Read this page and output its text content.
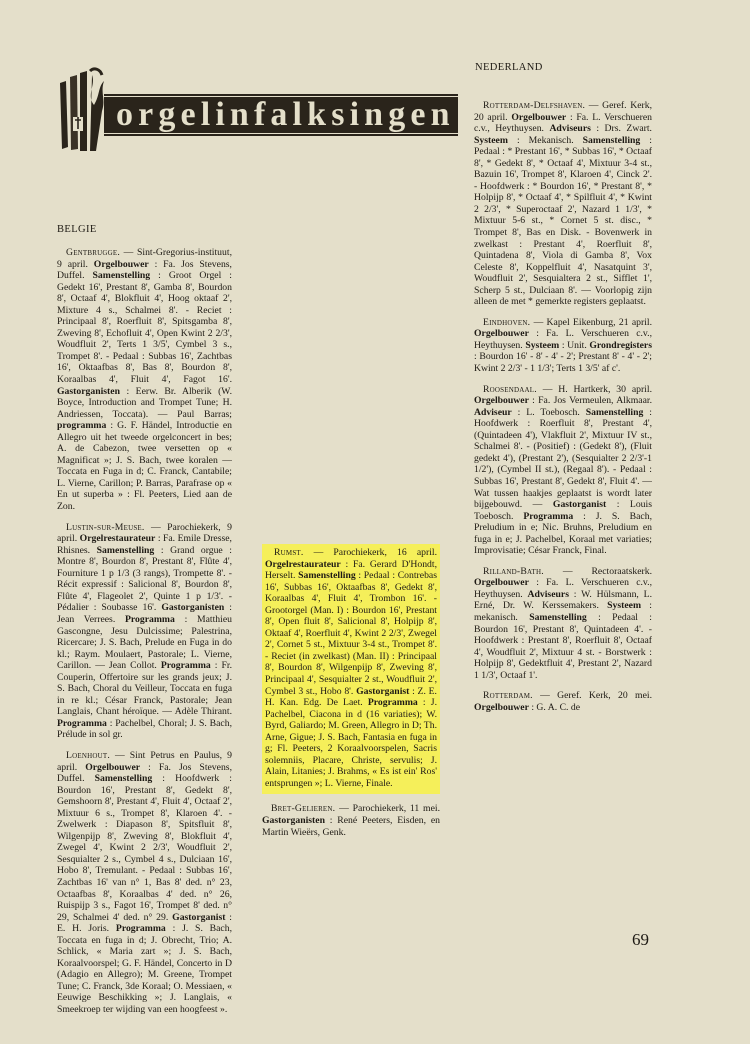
NEDERLAND
orgelinfalksingen
BELGIE

Gentbrugge. — Sint-Gregorius-instituut, 9 april. Orgelbouwer : Fa. Jos Stevens, Duffel. Samenstelling : Groot Orgel : Gedekt 16', Prestant 8', Gamba 8', Bourdon 8', Octaaf 4', Blokfluit 4', Hoog oktaaf 2', Mixture 4 s., Schalmei 8'. - Reciet : Principaal 8', Roerfluit 8', Spitsgamba 8', Zweving 8', Echofluit 4', Open Kwint 2 2/3', Woudfluit 2', Terts 1 3/5', Cymbel 3 s., Trompet 8'. - Pedaal : Subbas 16', Zachtbas 16', Oktaafbas 8', Bas 8', Bourdon 8', Koraalbas 4', Fluit 4', Fagot 16'. Gastorganisten : Eerw. Br. Alberik (W. Boyce, Introduction and Trompet Tune; H. Andriessen, Toccata). — Paul Barras; programma : G. F. Händel, Introductie en Allegro uit het tweede orgelconcert in bes; A. de Cabezon, twee versetten op « Magnificat »; J. S. Bach, twee koralen — Toccata en Fuga in d; C. Franck, Cantabile; L. Vierne, Carillon; P. Barras, Parafrase op « En ut superba » : Fl. Peeters, Lied aan de Zon.

Lustin-sur-Meuse. — Parochiekerk, 9 april. Orgelrestaurateur : Fa. Emile Dresse, Rhisnes. Samenstelling : Grand orgue : Montre 8', Bourdon 8', Prestant 8', Flûte 4', Fourniture 1 p 1/3 (3 rangs), Trompette 8'. - Récit expressif : Salicional 8', Bourdon 8', Flûte 4', Flageolet 2', Quinte 1 p 1/3'. - Pédalier : Soubasse 16'. Gastorganisten : Jean Verrees. Programma : Matthieu Gascongne, Jesu Dulcissime; Palestrina, Ricercare; J. S. Bach, Prelude en Fuga in do kl.; Raym. Moulaert, Pastorale; L. Vierne, Carillon. — Jean Collot. Programma : Fr. Couperin, Offertoire sur les grands jeux; J. S. Bach, Choral du Veilleur, Toccata en fuga in re kl.; César Franck, Pastorale; Jean Langlais, Chant héroïque. — Adèle Thirant. Programma : Pachelbel, Choral; J. S. Bach, Prélude in sol gr.

Loenhout. — Sint Petrus en Paulus, 9 april. Orgelbouwer : Fa. Jos Stevens, Duffel. Samenstelling : Hoofdwerk : Bourdon 16', Prestant 8', Gedekt 8', Gemshoorn 8', Prestant 4', Fluit 4', Octaaf 2', Mixtuur 6 s., Trompet 8', Klaroen 4'. - Zwelwerk : Diapason 8', Spitsfluit 8', Wilgenpijp 8', Zweving 8', Blokfluit 4', Zwegel 4', Kwint 2 2/3', Woudfluit 2', Sesquialter 2 s., Cymbel 4 s., Dulciaan 16', Hobo 8', Tremulant. - Pedaal : Subbas 16', Zachtbas 16' van n° 1, Bas 8' ded. n° 23, Octaafbas 8', Koraalbas 4' ded. n° 26, Ruispijp 3 s., Fagot 16', Trompet 8' ded. n° 29, Schalmei 4' ded. n° 29. Gastorganist : E. H. Joris. Programma : J. S. Bach, Toccata en fuga in d; J. Obrecht, Trio; A. Schlick, « Maria zart »; J. S. Bach, Koraalvoorspel; G. F. Händel, Concerto in D (Adagio en Allegro); M. Greene, Trompet Tune; C. Franck, 3de Koraal; O. Messiaen, « Eeuwige Beschikking »; J. Langlais, « Smeekroep ter wijding van een hoogfeest ».

Rumst. — Parochiekerk, 16 april. Orgelrestaurateur : Fa. Gerard D'Hondt, Herselt. Samenstelling : Pedaal : Contrebas 16', Subbas 16', Oktaafbas 8', Gedekt 8', Koraalbas 4', Fluit 4', Trombon 16'. - Grootorgel (Man. I) : Bourdon 16', Prestant 8', Open fluit 8', Salicional 8', Holpijp 8', Oktaaf 4', Roerfluit 4', Kwint 2 2/3', Zwegel 2', Cornet 5 st., Mixtuur 3-4 st., Trompet 8'. - Reciet (in zwelkast) (Man. II) : Principaal 8', Bourdon 8', Wilgenpijp 8', Zweving 8', Principaal 4', Sesquialter 2 st., Woudfluit 2', Cymbel 3 st., Hobo 8'. Gastorganist : Z. E. H. Kan. Edg. De Laet. Programma : J. Pachelbel, Ciacona in d (16 variaties); W. Byrd, Galiardo; M. Green, Allegro in D; Th. Arne, Gigue; J. S. Bach, Fantasia en fuga in g; Fl. Peeters, 2 Koraalvoorspelen, Sacris solemniis, Placare, Christe, servulis; J. Alain, Litanies; J. Brahms, « Es ist ein' Ros' entsprungen »; L. Vierne, Finale.

Bret-Gelieren. — Parochiekerk, 11 mei. Gastorganisten : René Peeters, Eisden, en Martin Wieërs, Genk.

Rotterdam-Delfshaven. — Geref. Kerk, 20 april. Orgelbouwer : Fa. L. Verschueren c.v., Heythuysen. Adviseurs : Drs. Zwart. Systeem : Mekanisch. Samenstelling : Pedaal : * Prestant 16', * Subbas 16', * Octaaf 8', * Gedekt 8', * Octaaf 4', Mixtuur 3-4 st., Bazuin 16', Trompet 8', Klaroen 4', Cinck 2'. - Hoofdwerk : * Bourdon 16', * Prestant 8', * Holpijp 8', * Octaaf 4', * Spilfluit 4', * Kwint 2 2/3', * Superoctaaf 2', Nazard 1 1/3', * Mixtuur 5-6 st., * Cornet 5 st. disc., * Trompet 8', Bas en Disk. - Bovenwerk in zwelkast : Prestant 4', Roerfluit 8', Quintadena 8', Viola di Gamba 8', Vox Celeste 8', Koppelfluit 4', Nasatquint 3', Woudfluit 2', Sesquialtera 2 st., Sifflet 1', Scherp 5 st., Dulciaan 8'. — Voorlopig zijn alleen de met * gemerkte registers geplaatst.

Eindhoven. — Kapel Eikenburg, 21 april. Orgelbouwer : Fa. L. Verschueren c.v., Heythuysen. Systeem : Unit. Grondregisters : Bourdon 16' - 8' - 4' - 2'; Prestant 8' - 4' - 2'; Kwint 2 2/3' - 1 1/3'; Terts 1 3/5' af c'.

Roosendaal. — H. Hartkerk, 30 april. Orgelbouwer : Fa. Jos Vermeulen, Alkmaar. Adviseur : L. Toebosch. Samenstelling : Hoofdwerk : Roerfluit 8', Prestant 4', (Quintadeen 4'), Vlakfluit 2', Mixtuur IV st., Schalmei 8'. - (Positief) : (Gedekt 8'), (Fluit gedekt 4'), (Prestant 2'), (Sesquialter 2 2/3'-1 1/2'), (Cymbel II st.), (Regaal 8'). - Pedaal : Subbas 16', Prestant 8', Gedekt 8', Fluit 4'. — Wat tussen haakjes geplaatst is wordt later bijgebouwd. — Gastorganist : Louis Toebosch. Programma : J. S. Bach, Preludium in e; Nic. Bruhns, Preludium en fuga in e; J. Pachelbel, Koraal met variaties; Improvisatie; César Franck, Final.

Rilland-Bath. — Rectoraatskerk. Orgelbouwer : Fa. L. Verschueren c.v., Heythuysen. Adviseurs : W. Hülsmann, L. Erné, Dr. W. Kerssemakers. Systeem : mekanisch. Samenstelling : Pedaal : Bourdon 16', Prestant 8', Quintadeen 4'. - Hoofdwerk : Prestant 8', Roerfluit 8', Octaaf 4', Woudfluit 2', Mixtuur 4 st. - Borstwerk : Holpijp 8', Gedektfluit 4', Prestant 2', Nazard 1 1/3', Octaaf 1'.

Rotterdam. — Geref. Kerk, 20 mei. Orgelbouwer : G. A. C. de

69
